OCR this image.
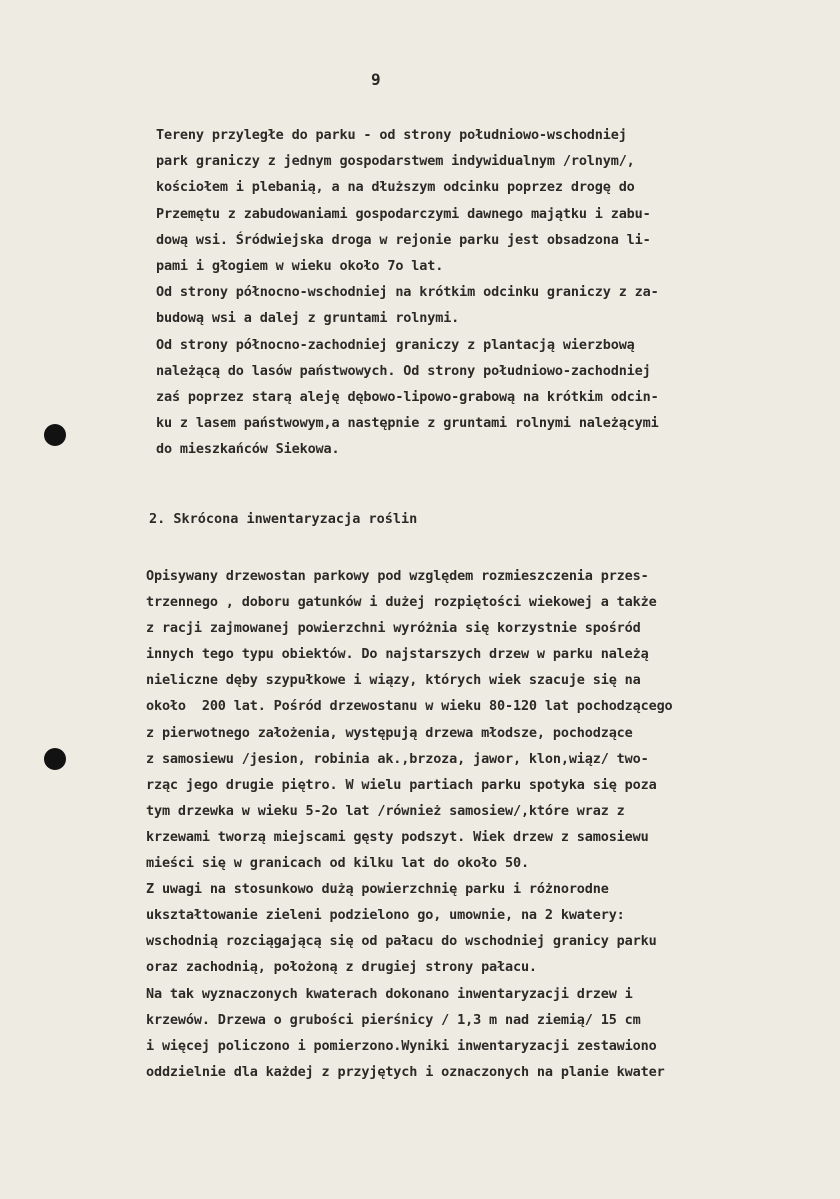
9
Tereny przyległe do parku - od strony południowo-wschodniej
park graniczy z jednym gospodarstwem indywidualnym /rolnym/,
kościołem i plebanią, a na dłuższym odcinku poprzez drogę do
Przemętu z zabudowaniami gospodarczymi dawnego majątku i zabu-
dową wsi. Śródwiejska droga w rejonie parku jest obsadzona li-
pami i głogiem w wieku około 7o lat.
Od strony północno-wschodniej na krótkim odcinku graniczy z za-
budową wsi a dalej z gruntami rolnymi.
Od strony północno-zachodniej graniczy z plantacją wierzbową
należącą do lasów państwowych. Od strony południowo-zachodniej
zaś poprzez starą aleję dębowo-lipowo-grabową na krótkim odcin-
ku z lasem państwowym,a następnie z gruntami rolnymi należącymi
do mieszkańców Siekowa.
2. Skrócona inwentaryzacja roślin
Opisywany drzewostan parkowy pod względem rozmieszczenia przes-
trzennego , doboru gatunków i dużej rozpiętości wiekowej a także
z racji zajmowanej powierzchni wyróżnia się korzystnie spośród
innych tego typu obiektów. Do najstarszych drzew w parku należą
nieliczne dęby szypułkowe i wiązy, których wiek szacuje się na
około  200 lat. Pośród drzewostanu w wieku 80-120 lat pochodzącego
z pierwotnego założenia, występują drzewa młodsze, pochodzące
z samosiewu /jesion, robinia ak.,brzoza, jawor, klon,wiąz/ two-
rząc jego drugie piętro. W wielu partiach parku spotyka się poza
tym drzewka w wieku 5-2o lat /również samosiew/,które wraz z
krzewami tworzą miejscami gęsty podszyt. Wiek drzew z samosiewu
mieści się w granicach od kilku lat do około 50.
Z uwagi na stosunkowo dużą powierzchnię parku i różnorodne
ukształtowanie zieleni podzielono go, umownie, na 2 kwatery:
wschodnią rozciągającą się od pałacu do wschodniej granicy parku
oraz zachodnią, położoną z drugiej strony pałacu.
Na tak wyznaczonych kwaterach dokonano inwentaryzacji drzew i
krzewów. Drzewa o grubości pierśnicy / 1,3 m nad ziemią/ 15 cm
i więcej policzono i pomierzono.Wyniki inwentaryzacji zestawiono
oddzielnie dla każdej z przyjętych i oznaczonych na planie kwater
